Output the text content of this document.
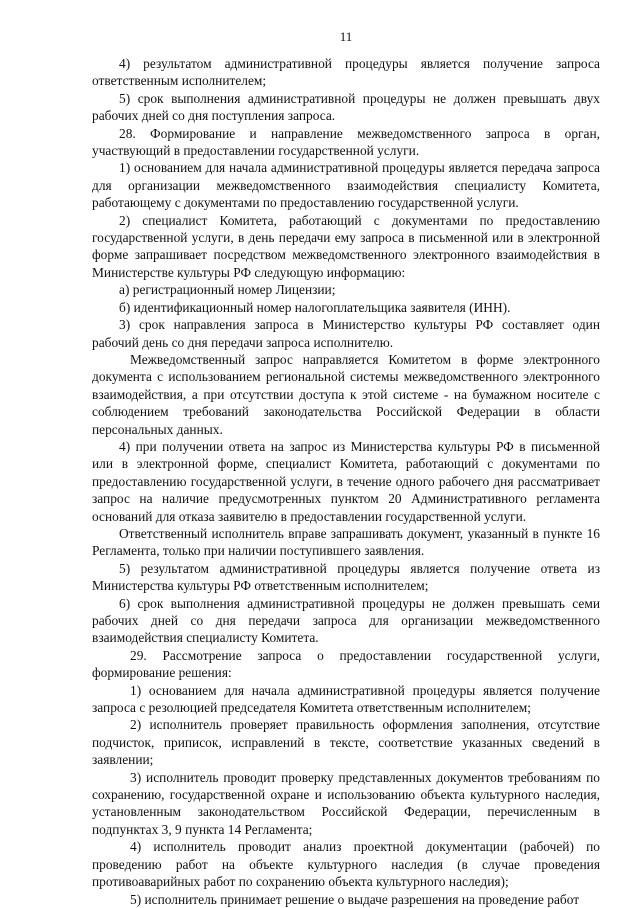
11

4) результатом административной процедуры является получение запроса ответственным исполнителем;

5) срок выполнения административной процедуры не должен превышать двух рабочих дней со дня поступления запроса.

28. Формирование и направление межведомственного запроса в орган, участвующий в предоставлении государственной услуги.

1) основанием для начала административной процедуры является передача запроса для организации межведомственного взаимодействия специалисту Комитета, работающему с документами по предоставлению государственной услуги.

2) специалист Комитета, работающий с документами по предоставлению государственной услуги, в день передачи ему запроса в письменной или в электронной форме запрашивает посредством межведомственного электронного взаимодействия в Министерстве культуры РФ следующую информацию:

а) регистрационный номер Лицензии;

б) идентификационный номер налогоплательщика заявителя (ИНН).

3) срок направления запроса в Министерство культуры РФ составляет один рабочий день со дня передачи запроса исполнителю.

Межведомственный запрос направляется Комитетом в форме электронного документа с использованием региональной системы межведомственного электронного взаимодействия, а при отсутствии доступа к этой системе - на бумажном носителе с соблюдением требований законодательства Российской Федерации в области персональных данных.

4) при получении ответа на запрос из Министерства культуры РФ в письменной или в электронной форме, специалист Комитета, работающий с документами по предоставлению государственной услуги, в течение одного рабочего дня рассматривает запрос на наличие предусмотренных пунктом 20 Административного регламента оснований для отказа заявителю в предоставлении государственной услуги.

Ответственный исполнитель вправе запрашивать документ, указанный в пункте 16 Регламента, только при наличии поступившего заявления.

5) результатом административной процедуры является получение ответа из Министерства культуры РФ ответственным исполнителем;

6) срок выполнения административной процедуры не должен превышать семи рабочих дней со дня передачи запроса для организации межведомственного взаимодействия специалисту Комитета.

29. Рассмотрение запроса о предоставлении государственной услуги, формирование решения:

1) основанием для начала административной процедуры является получение запроса с резолюцией председателя Комитета ответственным исполнителем;

2) исполнитель проверяет правильность оформления заполнения, отсутствие подчисток, приписок, исправлений в тексте, соответствие указанных сведений в заявлении;

3) исполнитель проводит проверку представленных документов требованиям по сохранению, государственной охране и использованию объекта культурного наследия, установленным законодательством Российской Федерации, перечисленным в подпунктах 3, 9 пункта 14 Регламента;

4) исполнитель проводит анализ проектной документации (рабочей) по проведению работ на объекте культурного наследия (в случае проведения противоаварийных работ по сохранению объекта культурного наследия);

5) исполнитель принимает решение о выдаче разрешения на проведение работ
